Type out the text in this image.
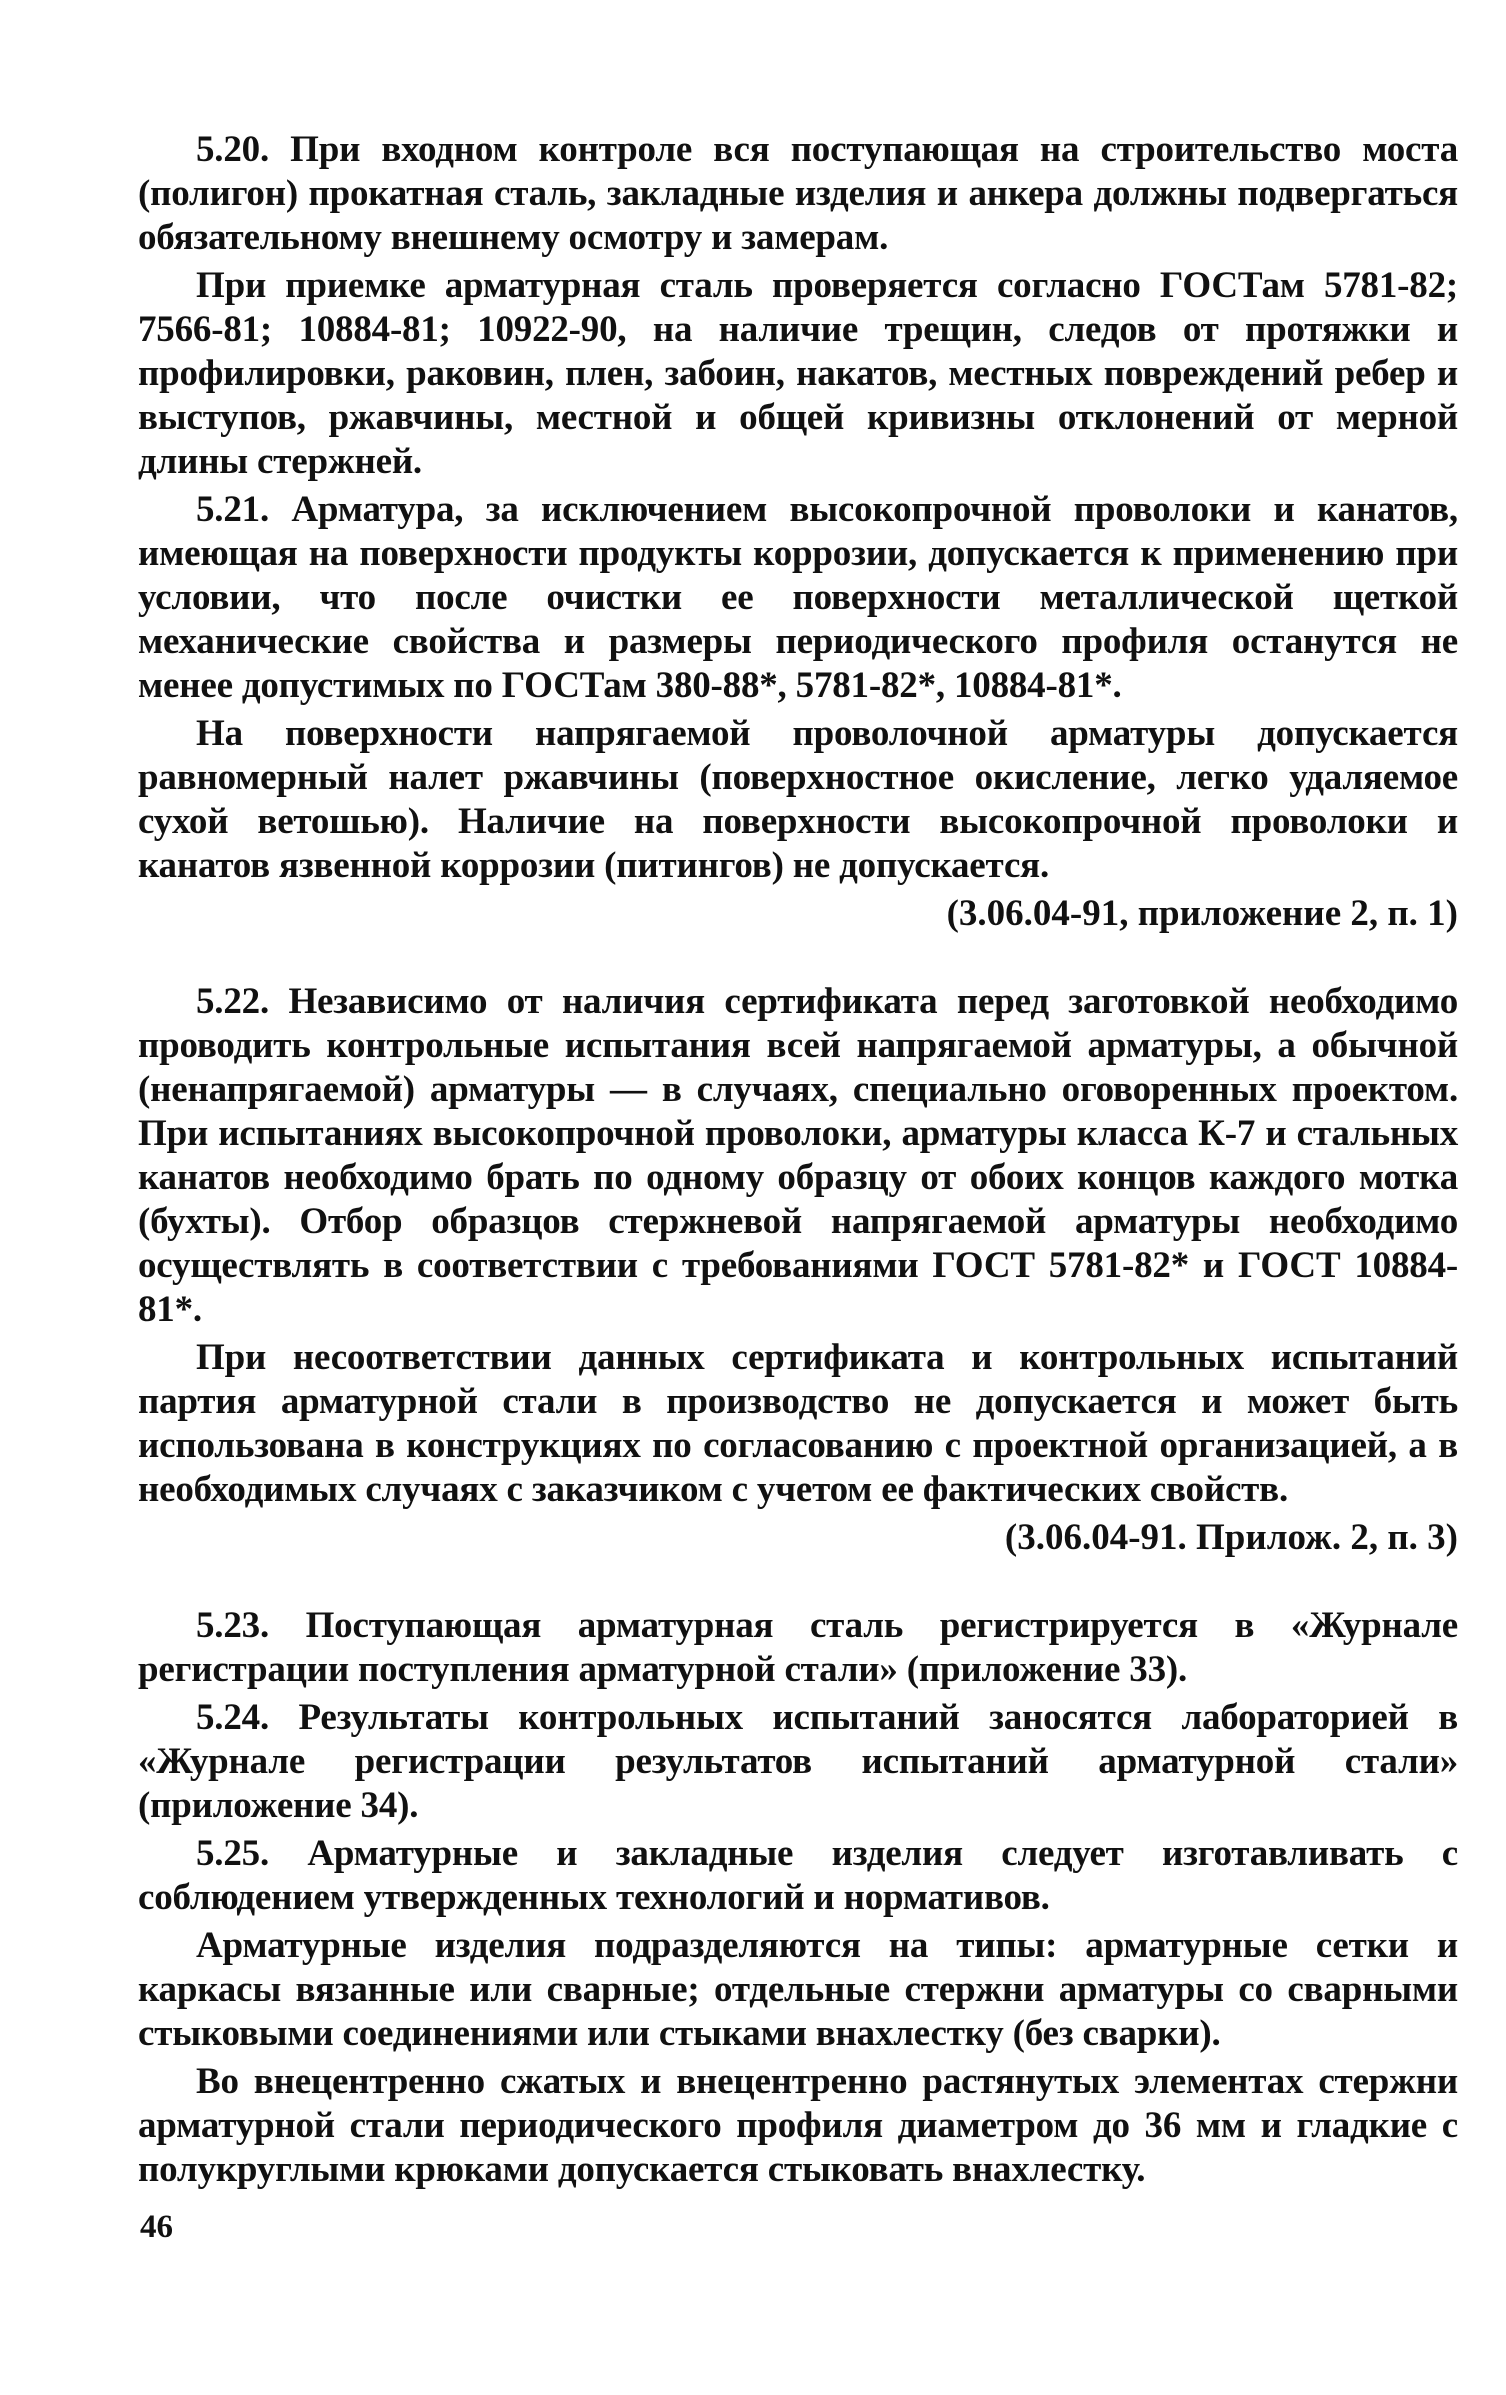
5.20. При входном контроле вся поступающая на строительство моста (полигон) прокатная сталь, закладные изделия и анкера должны подвергаться обязательному внешнему осмотру и замерам.

При приемке арматурная сталь проверяется согласно ГОСТам 5781-82; 7566-81; 10884-81; 10922-90, на наличие трещин, следов от протяжки и профилировки, раковин, плен, забоин, накатов, местных повреждений ребер и выступов, ржавчины, местной и общей кривизны отклонений от мерной длины стержней.

5.21. Арматура, за исключением высокопрочной проволоки и канатов, имеющая на поверхности продукты коррозии, допускается к применению при условии, что после очистки ее поверхности металлической щеткой механические свойства и размеры периодического профиля останутся не менее допустимых по ГОСТам 380-88*, 5781-82*, 10884-81*.

На поверхности напрягаемой проволочной арматуры допускается равномерный налет ржавчины (поверхностное окисление, легко удаляемое сухой ветошью). Наличие на поверхности высокопрочной проволоки и канатов язвенной коррозии (питингов) не допускается.

(3.06.04-91, приложение 2, п. 1)

5.22. Независимо от наличия сертификата перед заготовкой необходимо проводить контрольные испытания всей напрягаемой арматуры, а обычной (ненапрягаемой) арматуры — в случаях, специально оговоренных проектом. При испытаниях высокопрочной проволоки, арматуры класса К-7 и стальных канатов необходимо брать по одному образцу от обоих концов каждого мотка (бухты). Отбор образцов стержневой напрягаемой арматуры необходимо осуществлять в соответствии с требованиями ГОСТ 5781-82* и ГОСТ 10884-81*.

При несоответствии данных сертификата и контрольных испытаний партия арматурной стали в производство не допускается и может быть использована в конструкциях по согласованию с проектной организацией, а в необходимых случаях с заказчиком с учетом ее фактических свойств.

(3.06.04-91. Прилож. 2, п. 3)

5.23. Поступающая арматурная сталь регистрируется в «Журнале регистрации поступления арматурной стали» (приложение 33).

5.24. Результаты контрольных испытаний заносятся лабораторией в «Журнале регистрации результатов испытаний арматурной стали» (приложение 34).

5.25. Арматурные и закладные изделия следует изготавливать с соблюдением утвержденных технологий и нормативов.

Арматурные изделия подразделяются на типы: арматурные сетки и каркасы вязанные или сварные; отдельные стержни арматуры со сварными стыковыми соединениями или стыками внахлестку (без сварки).

Во внецентренно сжатых и внецентренно растянутых элементах стержни арматурной стали периодического профиля диаметром до 36 мм и гладкие с полукруглыми крюками допускается стыковать внахлестку.

46
